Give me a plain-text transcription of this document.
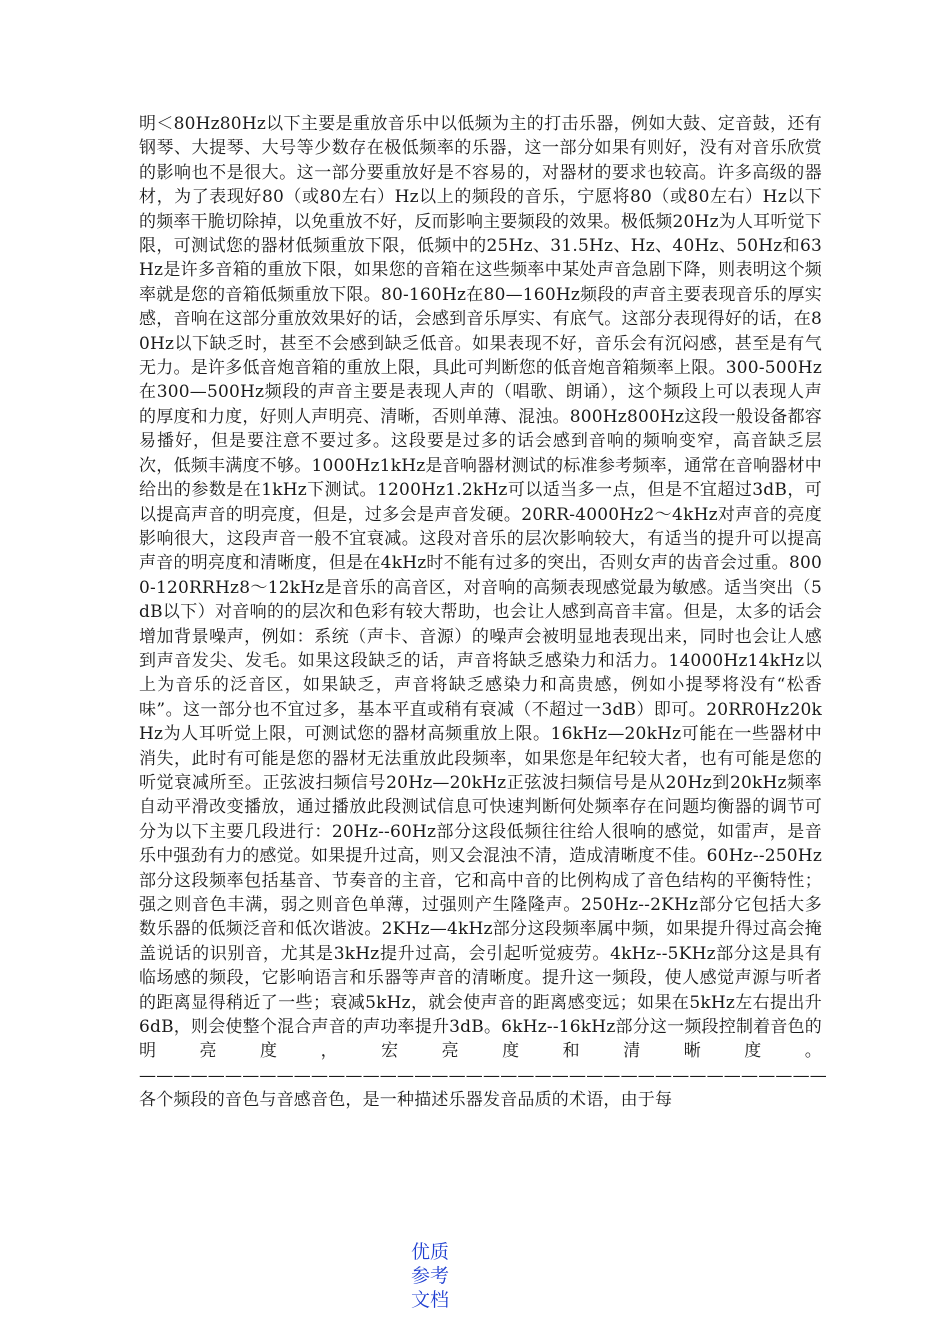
明＜80Hz80Hz以下主要是重放音乐中以低频为主的打击乐器，例如大鼓、定音鼓，还有钢琴、大提琴、大号等少数存在极低频率的乐器，这一部分如果有则好，没有对音乐欣赏的影响也不是很大。这一部分要重放好是不容易的，对器材的要求也较高。许多高级的器材，为了表现好80（或80左右）Hz以上的频段的音乐，宁愿将80（或80左右）Hz以下的频率干脆切除掉，以免重放不好，反而影响主要频段的效果。极低频20Hz为人耳听觉下限，可测试您的器材低频重放下限，低频中的25Hz、31.5Hz、Hz、40Hz、50Hz和63Hz是许多音箱的重放下限，如果您的音箱在这些频率中某处声音急剧下降，则表明这个频率就是您的音箱低频重放下限。80-160Hz在80—160Hz频段的声音主要表现音乐的厚实感，音响在这部分重放效果好的话，会感到音乐厚实、有底气。这部分表现得好的话，在80Hz以下缺乏时，甚至不会感到缺乏低音。如果表现不好，音乐会有沉闷感，甚至是有气无力。是许多低音炮音箱的重放上限，具此可判断您的低音炮音箱频率上限。300-500Hz在300—500Hz频段的声音主要是表现人声的（唱歌、朗诵），这个频段上可以表现人声的厚度和力度，好则人声明亮、清晰，否则单薄、混浊。800Hz800Hz这段一般设备都容易播好，但是要注意不要过多。这段要是过多的话会感到音响的频响变窄，高音缺乏层次，低频丰满度不够。1000Hz1kHz是音响器材测试的标准参考频率，通常在音响器材中给出的参数是在1kHz下测试。1200Hz1.2kHz可以适当多一点，但是不宜超过3dB，可以提高声音的明亮度，但是，过多会是声音发硬。20RR-4000Hz2～4kHz对声音的亮度影响很大，这段声音一般不宜衰减。这段对音乐的层次影响较大，有适当的提升可以提高声音的明亮度和清晰度，但是在4kHz时不能有过多的突出，否则女声的齿音会过重。8000-120RRHz8～12kHz是音乐的高音区，对音响的高频表现感觉最为敏感。适当突出（5dB以下）对音响的的层次和色彩有较大帮助，也会让人感到高音丰富。但是，太多的话会增加背景噪声，例如：系统（声卡、音源）的噪声会被明显地表现出来，同时也会让人感到声音发尖、发毛。如果这段缺乏的话，声音将缺乏感染力和活力。14000Hz14kHz以上为音乐的泛音区，如果缺乏，声音将缺乏感染力和高贵感，例如小提琴将没有“松香味”。这一部分也不宜过多，基本平直或稍有衰减（不超过一3dB）即可。20RR0Hz20kHz为人耳听觉上限，可测试您的器材高频重放上限。16kHz—20kHz可能在一些器材中消失，此时有可能是您的器材无法重放此段频率，如果您是年纪较大者，也有可能是您的听觉衰减所至。正弦波扫频信号20Hz—20kHz正弦波扫频信号是从20Hz到20kHz频率自动平滑改变播放，通过播放此段测试信息可快速判断何处频率存在问题均衡器的调节可分为以下主要几段进行：20Hz--60Hz部分这段低频往往给人很响的感觉，如雷声，是音乐中强劲有力的感觉。如果提升过高，则又会混浊不清，造成清晰度不佳。60Hz--250Hz部分这段频率包括基音、节奏音的主音，它和高中音的比例构成了音色结构的平衡特性；强之则音色丰满，弱之则音色单薄，过强则产生隆隆声。250Hz--2KHz部分它包括大多数乐器的低频泛音和低次谐波。2KHz—4kHz部分这段频率属中频，如果提升得过高会掩盖说话的识别音，尤其是3kHz提升过高，会引起听觉疲劳。4kHz--5KHz部分这是具有临场感的频段，它影响语言和乐器等声音的清晰度。提升这一频段，使人感觉声源与听者的距离显得稍近了一些；衰减5kHz，就会使声音的距离感变远；如果在5kHz左右提出升6dB，则会使整个混合声音的声功率提升3dB。6kHz--16kHz部分这一频段控制着音色的明亮度，宏亮度和清晰度。————————————————————————————————————————各个频段的音色与音感音色，是一种描述乐器发音品质的术语，由于每

优质
参考
文档
